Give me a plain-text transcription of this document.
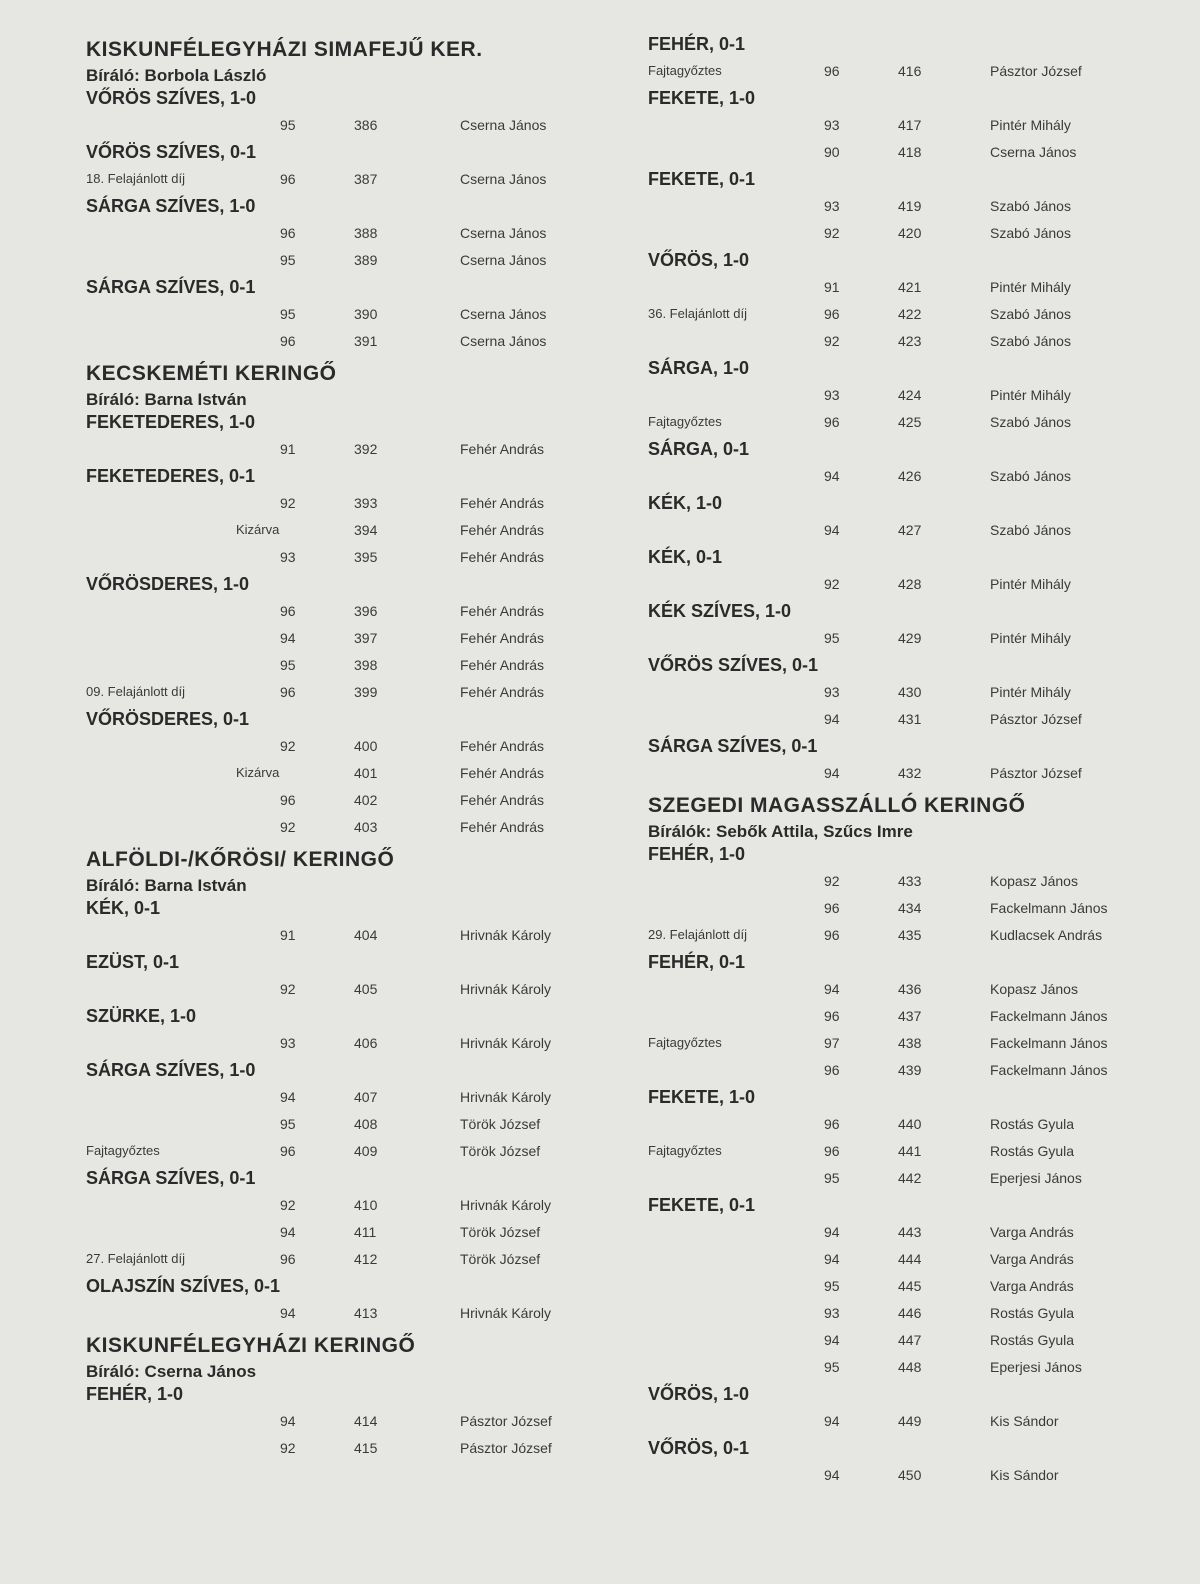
KISKUNFÉLEGYHÁZI SIMAFEJŰ KER.
Bíráló: Borbola László
VŐRÖS SZÍVES, 1-0
95	386	Cserna János
VŐRÖS SZÍVES, 0-1
18. Felajánlott díj	96	387	Cserna János
SÁRGA SZÍVES, 1-0
96	388	Cserna János
95	389	Cserna János
SÁRGA SZÍVES, 0-1
95	390	Cserna János
96	391	Cserna János
KECSKEMÉTI KERINGŐ
Bíráló: Barna István
FEKETEDERES, 1-0
91	392	Fehér András
FEKETEDERES, 0-1
92	393	Fehér András
Kizárva	394	Fehér András
93	395	Fehér András
VŐRÖSDERES, 1-0
96	396	Fehér András
94	397	Fehér András
95	398	Fehér András
09. Felajánlott díj	96	399	Fehér András
VŐRÖSDERES, 0-1
92	400	Fehér András
Kizárva	401	Fehér András
96	402	Fehér András
92	403	Fehér András
ALFÖLDI-/KŐRÖSI/ KERINGŐ
Bíráló: Barna István
KÉK, 0-1
91	404	Hrivnák Károly
EZÜST, 0-1
92	405	Hrivnák Károly
SZÜRKE, 1-0
93	406	Hrivnák Károly
SÁRGA SZÍVES, 1-0
94	407	Hrivnák Károly
95	408	Török József
Fajtagyőztes	96	409	Török József
SÁRGA SZÍVES, 0-1
92	410	Hrivnák Károly
94	411	Török József
27. Felajánlott díj	96	412	Török József
OLAJSZÍN SZÍVES, 0-1
94	413	Hrivnák Károly
KISKUNFÉLEGYHÁZI KERINGŐ
Bíráló: Cserna János
FEHÉR, 1-0
94	414	Pásztor József
92	415	Pásztor József
FEHÉR, 0-1
Fajtagyőztes	96	416	Pásztor József
FEKETE, 1-0
93	417	Pintér Mihály
90	418	Cserna János
FEKETE, 0-1
93	419	Szabó János
92	420	Szabó János
VŐRÖS, 1-0
91	421	Pintér Mihály
36. Felajánlott díj	96	422	Szabó János
92	423	Szabó János
SÁRGA, 1-0
93	424	Pintér Mihály
Fajtagyőztes	96	425	Szabó János
SÁRGA, 0-1
94	426	Szabó János
KÉK, 1-0
94	427	Szabó János
KÉK, 0-1
92	428	Pintér Mihály
KÉK SZÍVES, 1-0
95	429	Pintér Mihály
VŐRÖS SZÍVES, 0-1
93	430	Pintér Mihály
94	431	Pásztor József
SÁRGA SZÍVES, 0-1
94	432	Pásztor József
SZEGEDI MAGASSZÁLLÓ KERINGŐ
Bírálók: Sebők Attila, Szűcs Imre
FEHÉR, 1-0
92	433	Kopasz János
96	434	Fackelmann János
29. Felajánlott díj	96	435	Kudlacsek András
FEHÉR, 0-1
94	436	Kopasz János
96	437	Fackelmann János
Fajtagyőztes	97	438	Fackelmann János
96	439	Fackelmann János
FEKETE, 1-0
96	440	Rostás Gyula
Fajtagyőztes	96	441	Rostás Gyula
95	442	Eperjesi János
FEKETE, 0-1
94	443	Varga András
94	444	Varga András
95	445	Varga András
93	446	Rostás Gyula
94	447	Rostás Gyula
95	448	Eperjesi János
VŐRÖS, 1-0
94	449	Kis Sándor
VŐRÖS, 0-1
94	450	Kis Sándor
